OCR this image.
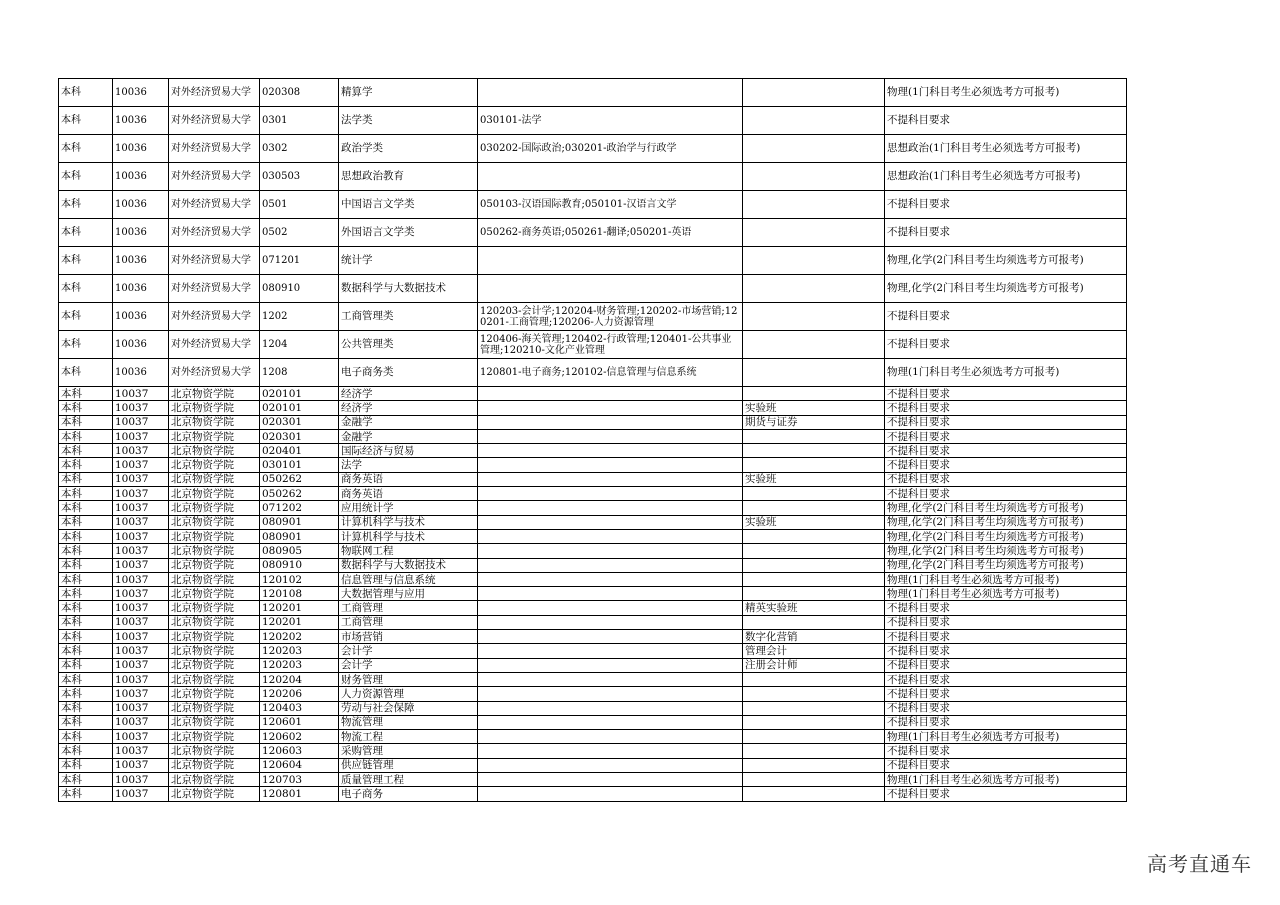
本科	10036	对外经济贸易大学	020308	精算学			物理(1门科目考生必须选考方可报考)
本科	10036	对外经济贸易大学	0301	法学类	030101-法学		不提科目要求
本科	10036	对外经济贸易大学	0302	政治学类	030202-国际政治;030201-政治学与行政学		思想政治(1门科目考生必须选考方可报考)
本科	10036	对外经济贸易大学	030503	思想政治教育			思想政治(1门科目考生必须选考方可报考)
本科	10036	对外经济贸易大学	0501	中国语言文学类	050103-汉语国际教育;050101-汉语言文学		不提科目要求
本科	10036	对外经济贸易大学	0502	外国语言文学类	050262-商务英语;050261-翻译;050201-英语		不提科目要求
本科	10036	对外经济贸易大学	071201	统计学			物理,化学(2门科目考生均须选考方可报考)
本科	10036	对外经济贸易大学	080910	数据科学与大数据技术			物理,化学(2门科目考生均须选考方可报考)
本科	10036	对外经济贸易大学	1202	工商管理类	120203-会计学;120204-财务管理;120202-市场营销;120201-工商管理;120206-人力资源管理		不提科目要求
本科	10036	对外经济贸易大学	1204	公共管理类	120406-海关管理;120402-行政管理;120401-公共事业管理;120210-文化产业管理		不提科目要求
本科	10036	对外经济贸易大学	1208	电子商务类	120801-电子商务;120102-信息管理与信息系统		物理(1门科目考生必须选考方可报考)
本科	10037	北京物资学院	020101	经济学			不提科目要求
本科	10037	北京物资学院	020101	经济学		实验班	不提科目要求
本科	10037	北京物资学院	020301	金融学		期货与证券	不提科目要求
本科	10037	北京物资学院	020301	金融学			不提科目要求
本科	10037	北京物资学院	020401	国际经济与贸易			不提科目要求
本科	10037	北京物资学院	030101	法学			不提科目要求
本科	10037	北京物资学院	050262	商务英语		实验班	不提科目要求
本科	10037	北京物资学院	050262	商务英语			不提科目要求
本科	10037	北京物资学院	071202	应用统计学			物理,化学(2门科目考生均须选考方可报考)
本科	10037	北京物资学院	080901	计算机科学与技术		实验班	物理,化学(2门科目考生均须选考方可报考)
本科	10037	北京物资学院	080901	计算机科学与技术			物理,化学(2门科目考生均须选考方可报考)
本科	10037	北京物资学院	080905	物联网工程			物理,化学(2门科目考生均须选考方可报考)
本科	10037	北京物资学院	080910	数据科学与大数据技术			物理,化学(2门科目考生均须选考方可报考)
本科	10037	北京物资学院	120102	信息管理与信息系统			物理(1门科目考生必须选考方可报考)
本科	10037	北京物资学院	120108	大数据管理与应用			物理(1门科目考生必须选考方可报考)
本科	10037	北京物资学院	120201	工商管理		精英实验班	不提科目要求
本科	10037	北京物资学院	120201	工商管理			不提科目要求
本科	10037	北京物资学院	120202	市场营销		数字化营销	不提科目要求
本科	10037	北京物资学院	120203	会计学		管理会计	不提科目要求
本科	10037	北京物资学院	120203	会计学		注册会计师	不提科目要求
本科	10037	北京物资学院	120204	财务管理			不提科目要求
本科	10037	北京物资学院	120206	人力资源管理			不提科目要求
本科	10037	北京物资学院	120403	劳动与社会保障			不提科目要求
本科	10037	北京物资学院	120601	物流管理			不提科目要求
本科	10037	北京物资学院	120602	物流工程			物理(1门科目考生必须选考方可报考)
本科	10037	北京物资学院	120603	采购管理			不提科目要求
本科	10037	北京物资学院	120604	供应链管理			不提科目要求
本科	10037	北京物资学院	120703	质量管理工程			物理(1门科目考生必须选考方可报考)
本科	10037	北京物资学院	120801	电子商务			不提科目要求
高考直通车
